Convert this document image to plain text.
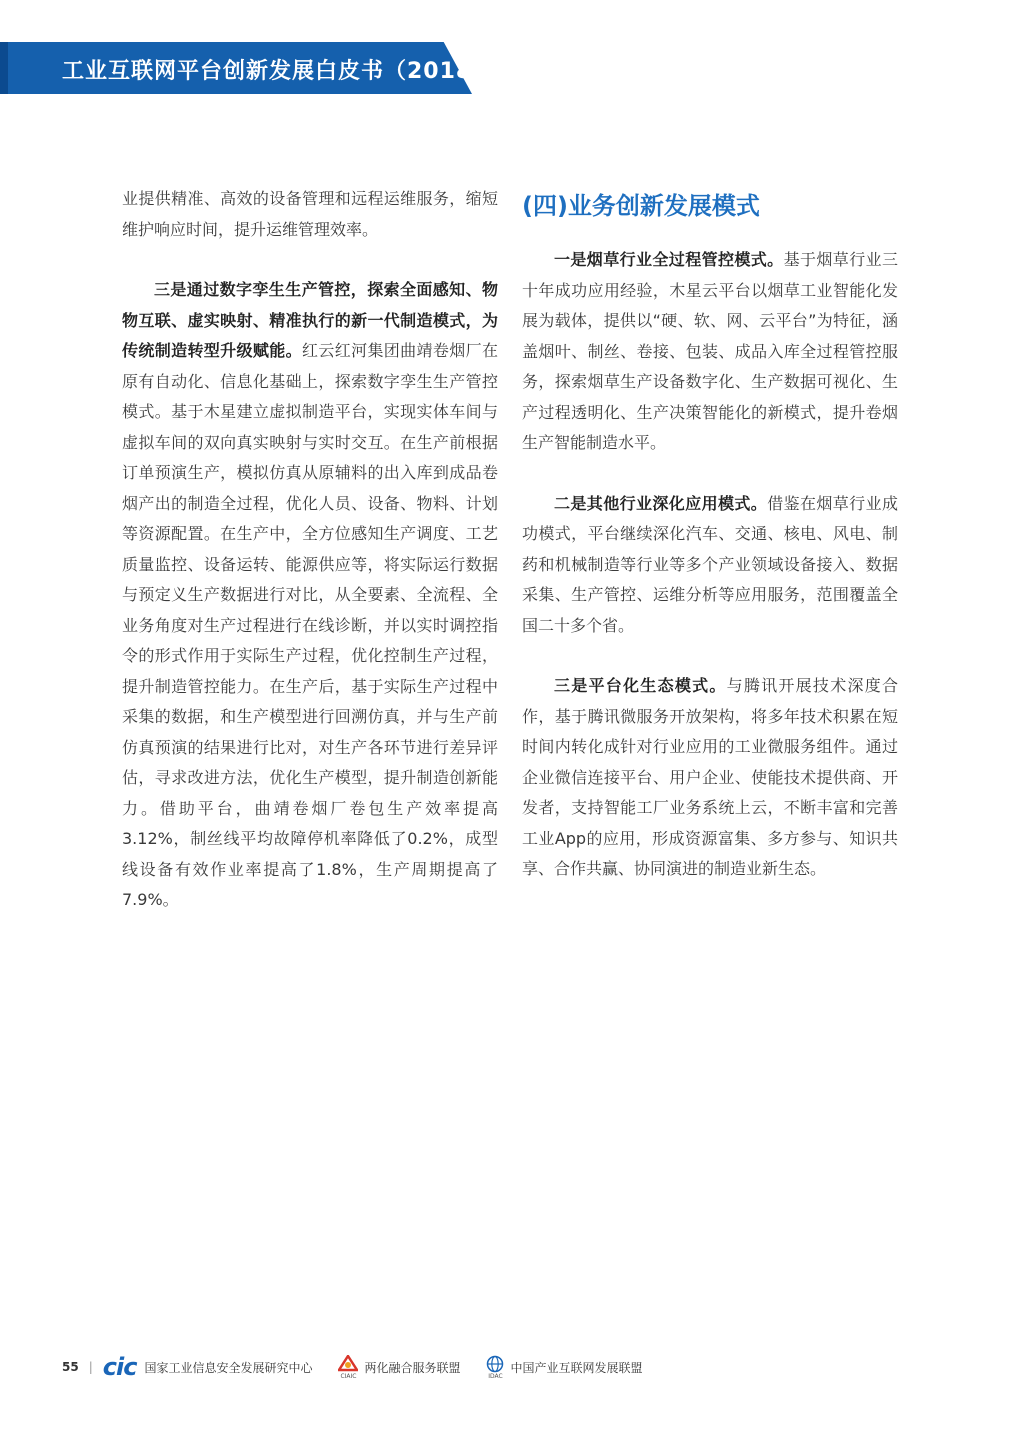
工业互联网平台创新发展白皮书（2018）

业提供精准、高效的设备管理和远程运维服务，缩短维护响应时间，提升运维管理效率。

三是通过数字孪生生产管控，探索全面感知、物物互联、虚实映射、精准执行的新一代制造模式，为传统制造转型升级赋能。红云红河集团曲靖卷烟厂在原有自动化、信息化基础上，探索数字孪生生产管控模式。基于木星建立虚拟制造平台，实现实体车间与虚拟车间的双向真实映射与实时交互。在生产前根据订单预演生产，模拟仿真从原辅料的出入库到成品卷烟产出的制造全过程，优化人员、设备、物料、计划等资源配置。在生产中，全方位感知生产调度、工艺质量监控、设备运转、能源供应等，将实际运行数据与预定义生产数据进行对比，从全要素、全流程、全业务角度对生产过程进行在线诊断，并以实时调控指令的形式作用于实际生产过程，优化控制生产过程，提升制造管控能力。在生产后，基于实际生产过程中采集的数据，和生产模型进行回溯仿真，并与生产前仿真预演的结果进行比对，对生产各环节进行差异评估，寻求改进方法，优化生产模型，提升制造创新能力。借助平台，曲靖卷烟厂卷包生产效率提高3.12%，制丝线平均故障停机率降低了0.2%，成型线设备有效作业率提高了1.8%，生产周期提高了7.9%。

(四)业务创新发展模式

一是烟草行业全过程管控模式。基于烟草行业三十年成功应用经验，木星云平台以烟草工业智能化发展为载体，提供以“硬、软、网、云平台”为特征，涵盖烟叶、制丝、卷接、包装、成品入库全过程管控服务，探索烟草生产设备数字化、生产数据可视化、生产过程透明化、生产决策智能化的新模式，提升卷烟生产智能制造水平。

二是其他行业深化应用模式。借鉴在烟草行业成功模式，平台继续深化汽车、交通、核电、风电、制药和机械制造等行业等多个产业领域设备接入、数据采集、生产管控、运维分析等应用服务，范围覆盖全国二十多个省。

三是平台化生态模式。与腾讯开展技术深度合作，基于腾讯微服务开放架构，将多年技术积累在短时间内转化成针对行业应用的工业微服务组件。通过企业微信连接平台、用户企业、使能技术提供商、开发者，支持智能工厂业务系统上云，不断丰富和完善工业App的应用，形成资源富集、多方参与、知识共享、合作共赢、协同演进的制造业新生态。

55 | cic 国家工业信息安全发展研究中心
CIAIC
两化融合服务联盟
IDAC
中国产业互联网发展联盟
